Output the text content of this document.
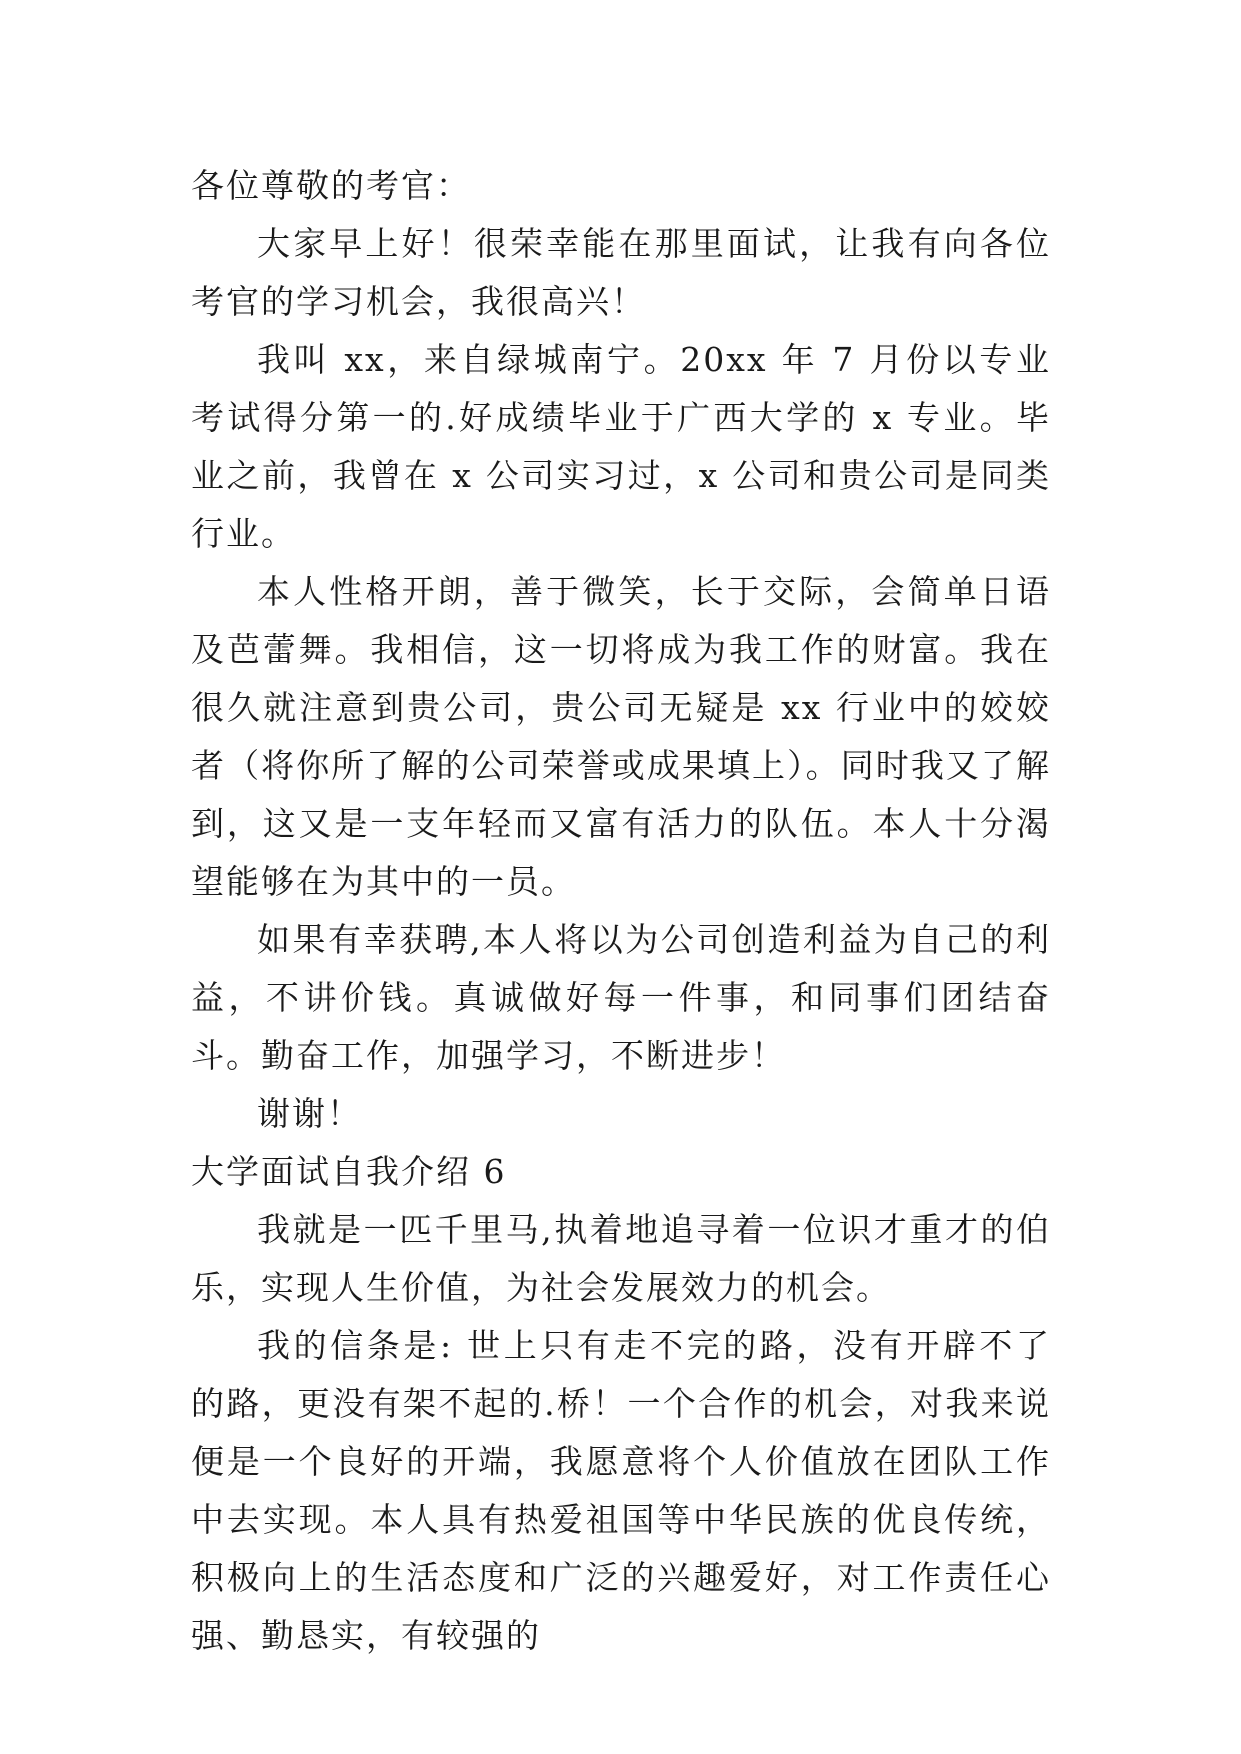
各位尊敬的考官：

大家早上好！很荣幸能在那里面试，让我有向各位考官的学习机会，我很高兴！

我叫 xx，来自绿城南宁。20xx 年 7 月份以专业考试得分第一的.好成绩毕业于广西大学的 x 专业。毕业之前，我曾在 x 公司实习过，x 公司和贵公司是同类行业。

本人性格开朗，善于微笑，长于交际，会简单日语及芭蕾舞。我相信，这一切将成为我工作的财富。我在很久就注意到贵公司，贵公司无疑是 xx 行业中的姣姣者（将你所了解的公司荣誉或成果填上）。同时我又了解到，这又是一支年轻而又富有活力的队伍。本人十分渴望能够在为其中的一员。

如果有幸获聘,本人将以为公司创造利益为自己的利益，不讲价钱。真诚做好每一件事，和同事们团结奋斗。勤奋工作，加强学习，不断进步！

谢谢！

大学面试自我介绍 6

我就是一匹千里马,执着地追寻着一位识才重才的伯乐，实现人生价值，为社会发展效力的机会。

我的信条是: 世上只有走不完的路，没有开辟不了的路，更没有架不起的.桥！一个合作的机会，对我来说便是一个良好的开端，我愿意将个人价值放在团队工作中去实现。本人具有热爱祖国等中华民族的优良传统，积极向上的生活态度和广泛的兴趣爱好，对工作责任心强、勤恳实，有较强的
